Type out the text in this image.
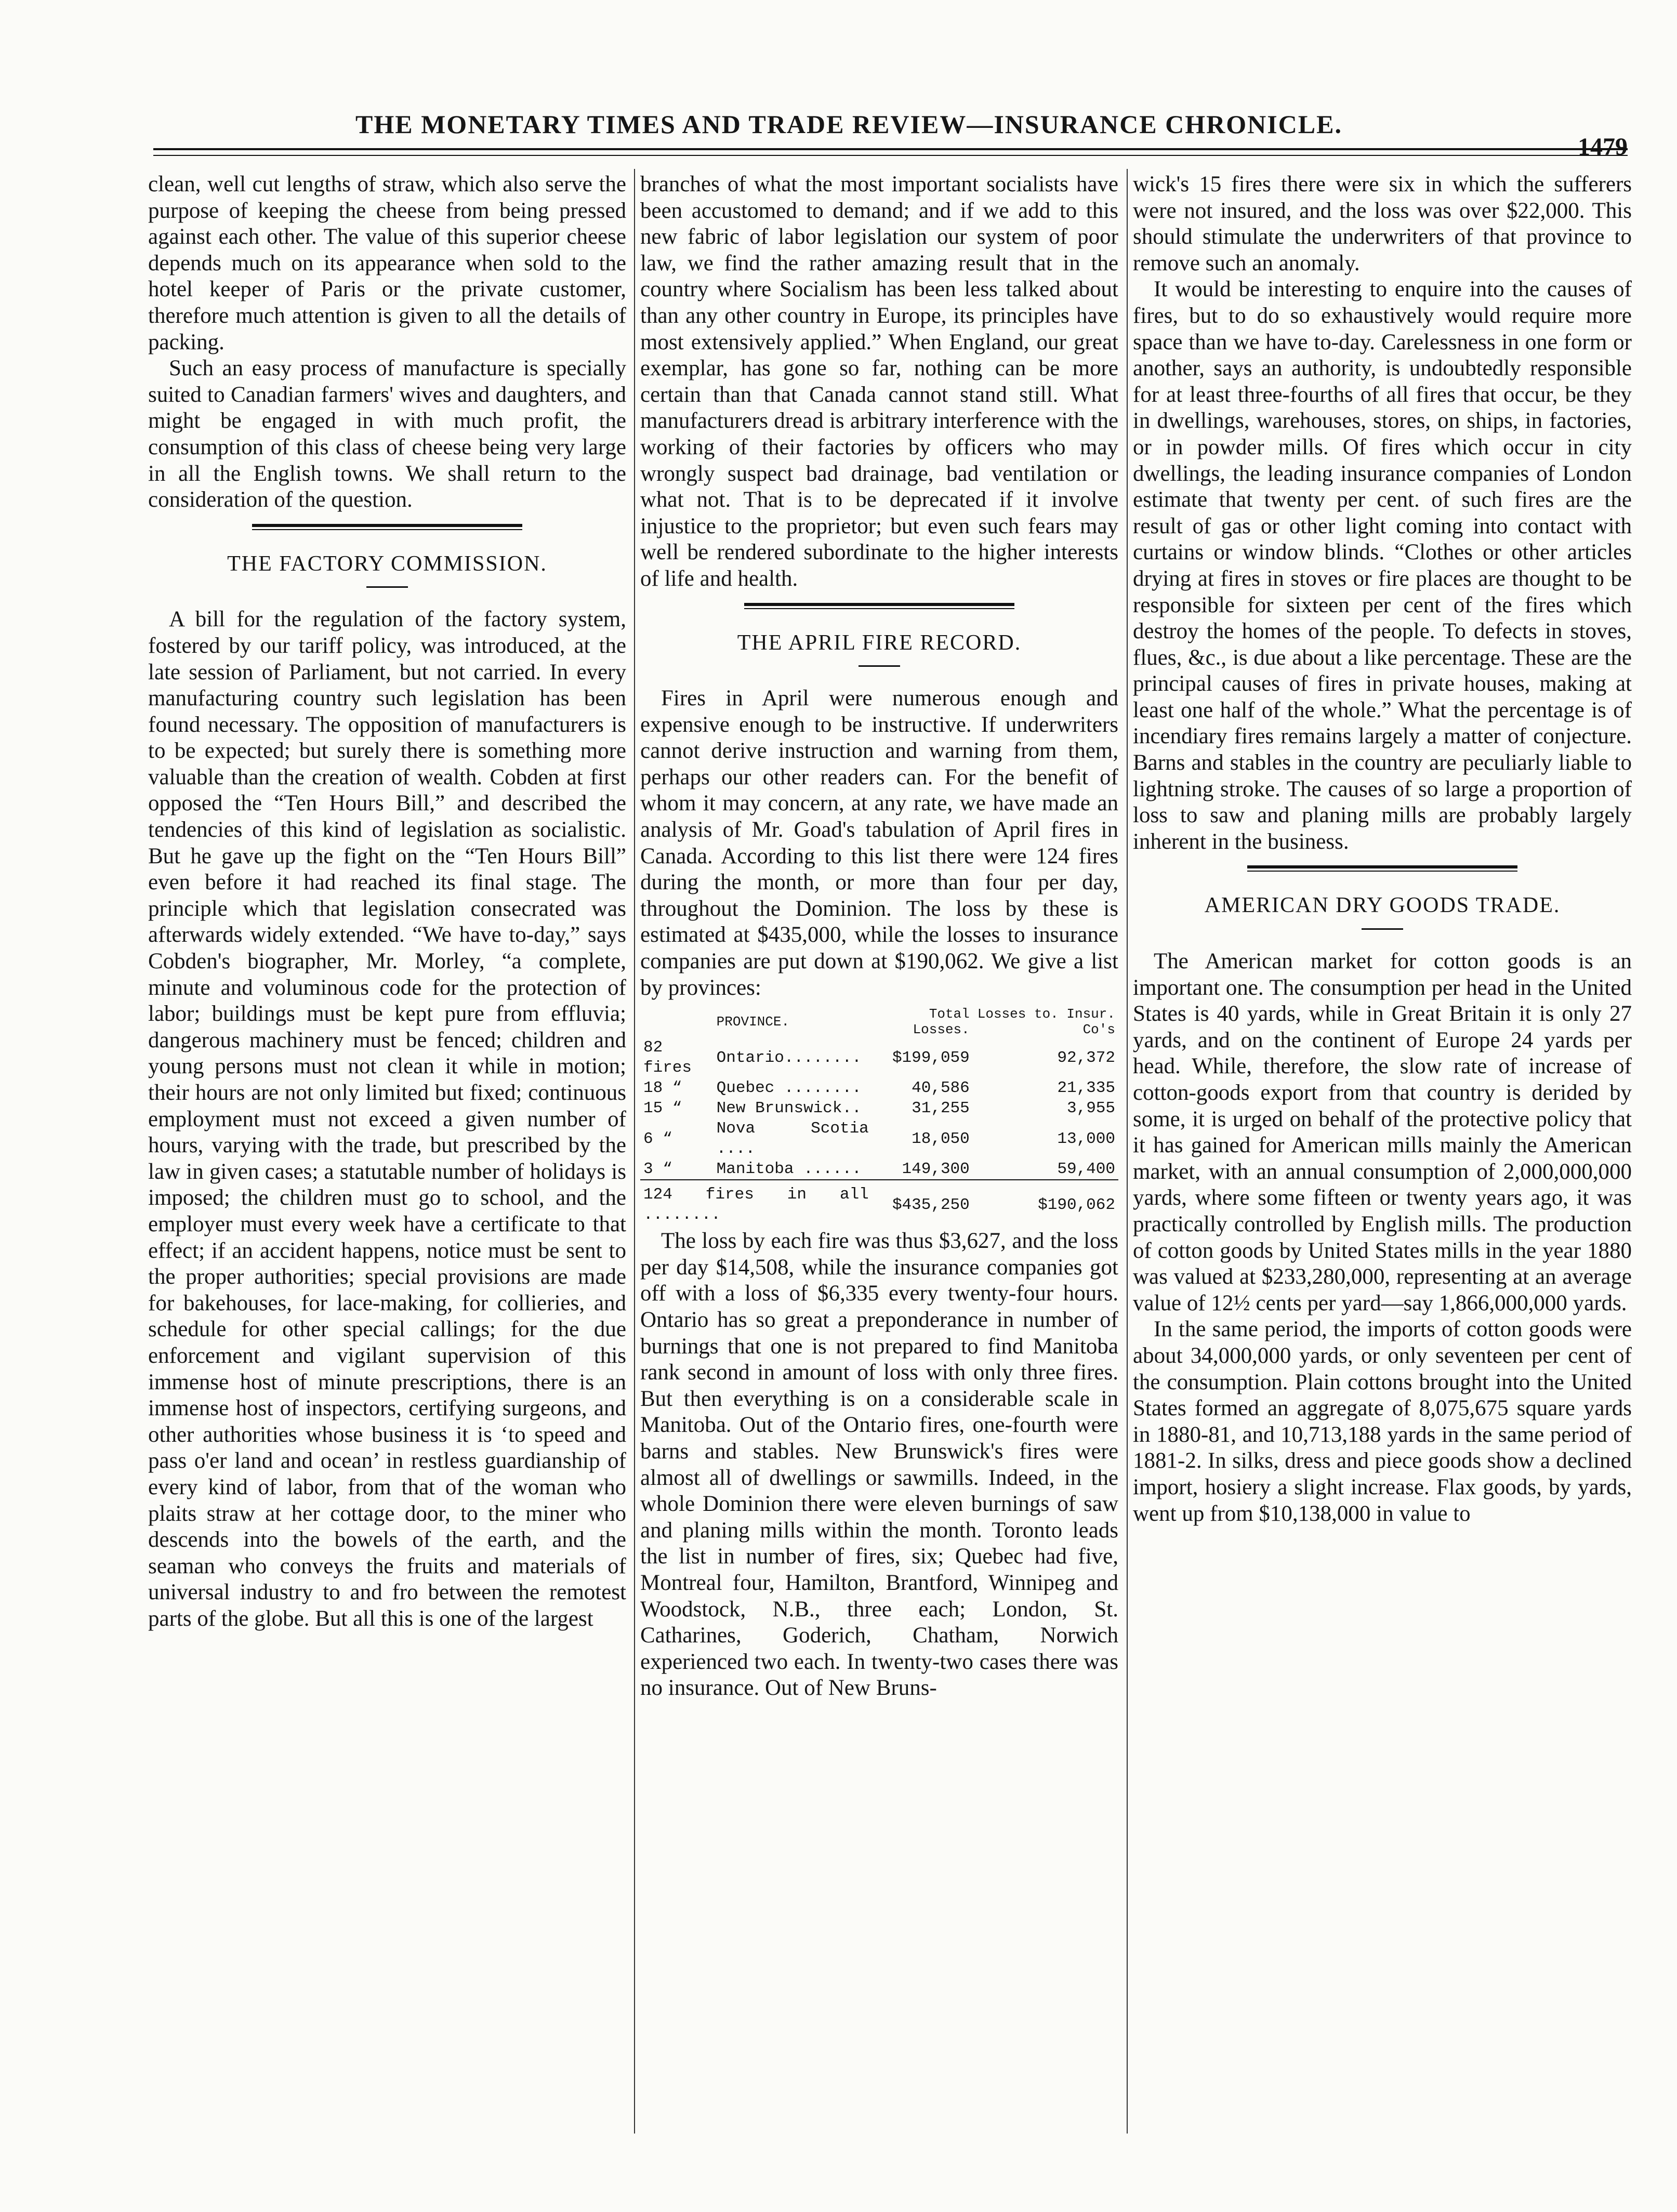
THE MONETARY TIMES AND TRADE REVIEW—INSURANCE CHRONICLE.
1479

clean, well cut lengths of straw, which also serve the purpose of keeping the cheese from being pressed against each other. The value of this superior cheese depends much on its appearance when sold to the hotel keeper of Paris or the private customer, therefore much attention is given to all the details of packing.

Such an easy process of manufacture is specially suited to Canadian farmers' wives and daughters, and might be engaged in with much profit, the consumption of this class of cheese being very large in all the English towns. We shall return to the consideration of the question.

THE FACTORY COMMISSION.

A bill for the regulation of the factory system, fostered by our tariff policy, was introduced, at the late session of Parliament, but not carried. In every manufacturing country such legislation has been found necessary. The opposition of manufacturers is to be expected; but surely there is something more valuable than the creation of wealth. Cobden at first opposed the “Ten Hours Bill,” and described the tendencies of this kind of legislation as socialistic. But he gave up the fight on the “Ten Hours Bill” even before it had reached its final stage. The principle which that legislation consecrated was afterwards widely extended. “We have to-day,” says Cobden's biographer, Mr. Morley, “a complete, minute and voluminous code for the protection of labor; buildings must be kept pure from effluvia; dangerous machinery must be fenced; children and young persons must not clean it while in motion; their hours are not only limited but fixed; continuous employment must not exceed a given number of hours, varying with the trade, but prescribed by the law in given cases; a statutable number of holidays is imposed; the children must go to school, and the employer must every week have a certificate to that effect; if an accident happens, notice must be sent to the proper authorities; special provisions are made for bakehouses, for lace-making, for collieries, and schedule for other special callings; for the due enforcement and vigilant supervision of this immense host of minute prescriptions, there is an immense host of inspectors, certifying surgeons, and other authorities whose business it is ‘to speed and pass o'er land and ocean’ in restless guardianship of every kind of labor, from that of the woman who plaits straw at her cottage door, to the miner who descends into the bowels of the earth, and the seaman who conveys the fruits and materials of universal industry to and fro between the remotest parts of the globe. But all this is one of the largest

branches of what the most important socialists have been accustomed to demand; and if we add to this new fabric of labor legislation our system of poor law, we find the rather amazing result that in the country where Socialism has been less talked about than any other country in Europe, its principles have most extensively applied.” When England, our great exemplar, has gone so far, nothing can be more certain than that Canada cannot stand still. What manufacturers dread is arbitrary interference with the working of their factories by officers who may wrongly suspect bad drainage, bad ventilation or what not. That is to be deprecated if it involve injustice to the proprietor; but even such fears may well be rendered subordinate to the higher interests of life and health.

THE APRIL FIRE RECORD.

Fires in April were numerous enough and expensive enough to be instructive. If underwriters cannot derive instruction and warning from them, perhaps our other readers can. For the benefit of whom it may concern, at any rate, we have made an analysis of Mr. Goad's tabulation of April fires in Canada. According to this list there were 124 fires during the month, or more than four per day, throughout the Dominion. The loss by these is estimated at $435,000, while the losses to insurance companies are put down at $190,062. We give a list by provinces:

	PROVINCE.	Total Losses.	Losses to. Insur. Co's
82 fires	Ontario........	$199,059	92,372
18 “	Quebec ........	40,586	21,335
15 “	New Brunswick..	31,255	3,955
6 “	Nova Scotia ....	18,050	13,000
3 “	Manitoba ......	149,300	59,400
124 fires in all ........		$435,250	$190,062

The loss by each fire was thus $3,627, and the loss per day $14,508, while the insurance companies got off with a loss of $6,335 every twenty-four hours. Ontario has so great a preponderance in number of burnings that one is not prepared to find Manitoba rank second in amount of loss with only three fires. But then everything is on a considerable scale in Manitoba. Out of the Ontario fires, one-fourth were barns and stables. New Brunswick's fires were almost all of dwellings or sawmills. Indeed, in the whole Dominion there were eleven burnings of saw and planing mills within the month. Toronto leads the list in number of fires, six; Quebec had five, Montreal four, Hamilton, Brantford, Winnipeg and Woodstock, N.B., three each; London, St. Catharines, Goderich, Chatham, Norwich experienced two each. In twenty-two cases there was no insurance. Out of New Bruns-

wick's 15 fires there were six in which the sufferers were not insured, and the loss was over $22,000. This should stimulate the underwriters of that province to remove such an anomaly.

It would be interesting to enquire into the causes of fires, but to do so exhaustively would require more space than we have to-day. Carelessness in one form or another, says an authority, is undoubtedly responsible for at least three-fourths of all fires that occur, be they in dwellings, warehouses, stores, on ships, in factories, or in powder mills. Of fires which occur in city dwellings, the leading insurance companies of London estimate that twenty per cent. of such fires are the result of gas or other light coming into contact with curtains or window blinds. “Clothes or other articles drying at fires in stoves or fire places are thought to be responsible for sixteen per cent of the fires which destroy the homes of the people. To defects in stoves, flues, &c., is due about a like percentage. These are the principal causes of fires in private houses, making at least one half of the whole.” What the percentage is of incendiary fires remains largely a matter of conjecture. Barns and stables in the country are peculiarly liable to lightning stroke. The causes of so large a proportion of loss to saw and planing mills are probably largely inherent in the business.

AMERICAN DRY GOODS TRADE.

The American market for cotton goods is an important one. The consumption per head in the United States is 40 yards, while in Great Britain it is only 27 yards, and on the continent of Europe 24 yards per head. While, therefore, the slow rate of increase of cotton-goods export from that country is derided by some, it is urged on behalf of the protective policy that it has gained for American mills mainly the American market, with an annual consumption of 2,000,000,000 yards, where some fifteen or twenty years ago, it was practically controlled by English mills. The production of cotton goods by United States mills in the year 1880 was valued at $233,280,000, representing at an average value of 12½ cents per yard—say 1,866,000,000 yards.

In the same period, the imports of cotton goods were about 34,000,000 yards, or only seventeen per cent of the consumption. Plain cottons brought into the United States formed an aggregate of 8,075,675 square yards in 1880-81, and 10,713,188 yards in the same period of 1881-2. In silks, dress and piece goods show a declined import, hosiery a slight increase. Flax goods, by yards, went up from $10,138,000 in value to
